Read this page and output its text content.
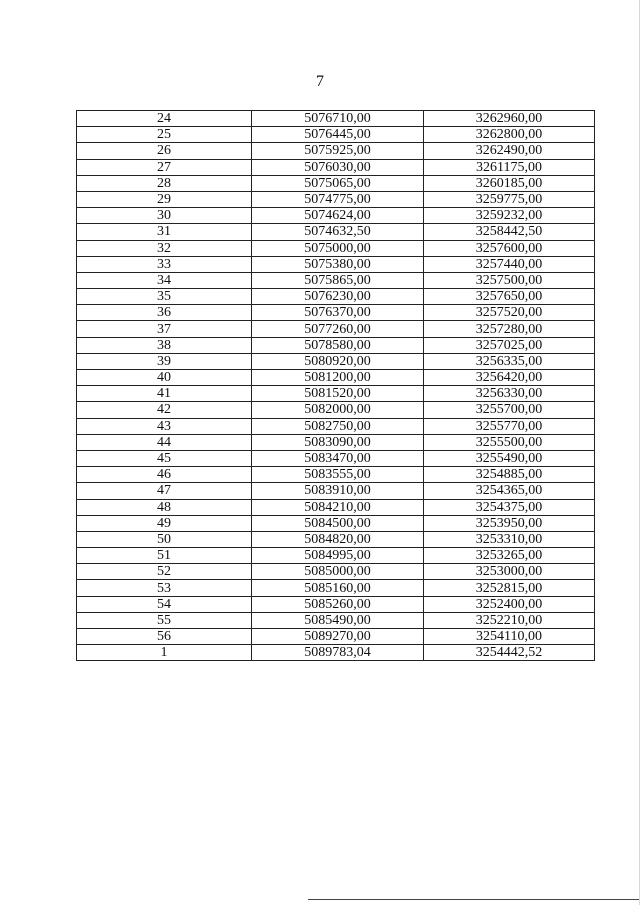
7
24	5076710,00	3262960,00
25	5076445,00	3262800,00
26	5075925,00	3262490,00
27	5076030,00	3261175,00
28	5075065,00	3260185,00
29	5074775,00	3259775,00
30	5074624,00	3259232,00
31	5074632,50	3258442,50
32	5075000,00	3257600,00
33	5075380,00	3257440,00
34	5075865,00	3257500,00
35	5076230,00	3257650,00
36	5076370,00	3257520,00
37	5077260,00	3257280,00
38	5078580,00	3257025,00
39	5080920,00	3256335,00
40	5081200,00	3256420,00
41	5081520,00	3256330,00
42	5082000,00	3255700,00
43	5082750,00	3255770,00
44	5083090,00	3255500,00
45	5083470,00	3255490,00
46	5083555,00	3254885,00
47	5083910,00	3254365,00
48	5084210,00	3254375,00
49	5084500,00	3253950,00
50	5084820,00	3253310,00
51	5084995,00	3253265,00
52	5085000,00	3253000,00
53	5085160,00	3252815,00
54	5085260,00	3252400,00
55	5085490,00	3252210,00
56	5089270,00	3254110,00
1	5089783,04	3254442,52
